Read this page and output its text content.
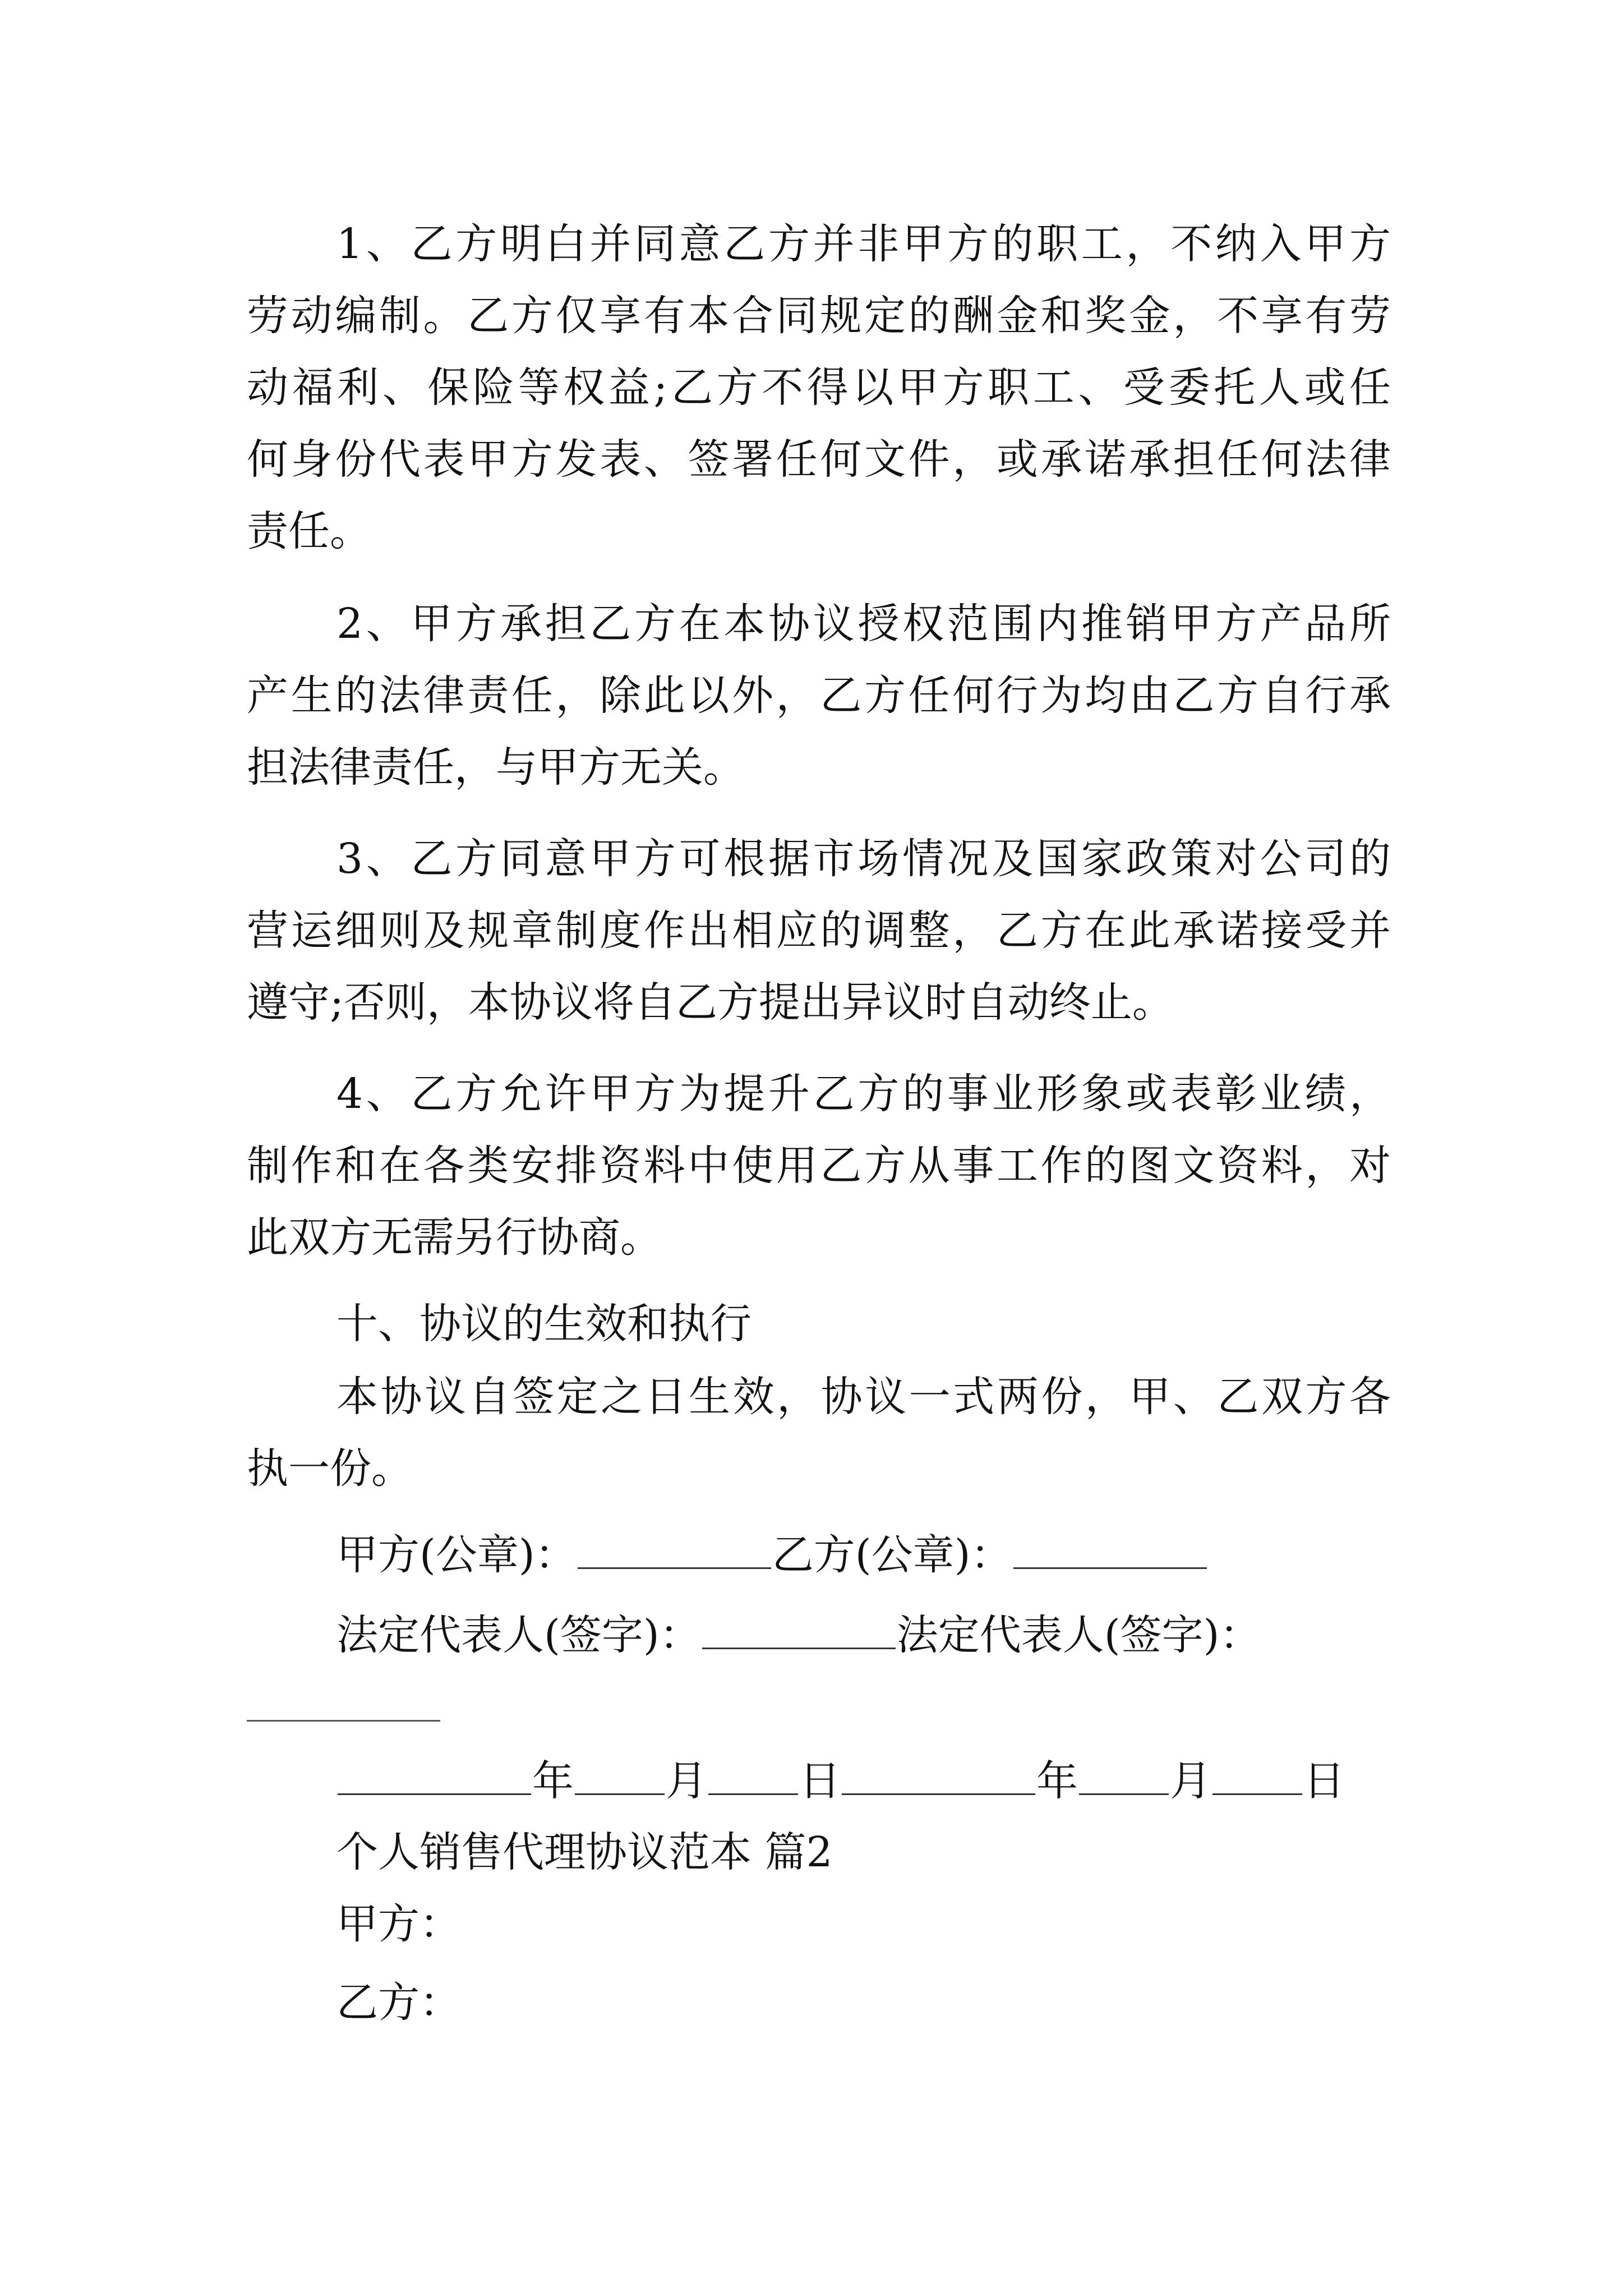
1、乙方明白并同意乙方并非甲方的职工，不纳入甲方
劳动编制。乙方仅享有本合同规定的酬金和奖金，不享有劳
动福利、保险等权益;乙方不得以甲方职工、受委托人或任
何身份代表甲方发表、签署任何文件，或承诺承担任何法律
责任。
2、甲方承担乙方在本协议授权范围内推销甲方产品所
产生的法律责任，除此以外，乙方任何行为均由乙方自行承
担法律责任，与甲方无关。
3、乙方同意甲方可根据市场情况及国家政策对公司的
营运细则及规章制度作出相应的调整，乙方在此承诺接受并
遵守;否则，本协议将自乙方提出异议时自动终止。
4、乙方允许甲方为提升乙方的事业形象或表彰业绩，
制作和在各类安排资料中使用乙方从事工作的图文资料，对
此双方无需另行协商。
十、协议的生效和执行
本协议自签定之日生效，协议一式两份，甲、乙双方各
执一份。
甲方(公章)：	乙方(公章)：
法定代表人(签字)：	法定代表人(签字)：
年 月 日	年 月 日
个人销售代理协议范本 篇2
甲方：
乙方：
